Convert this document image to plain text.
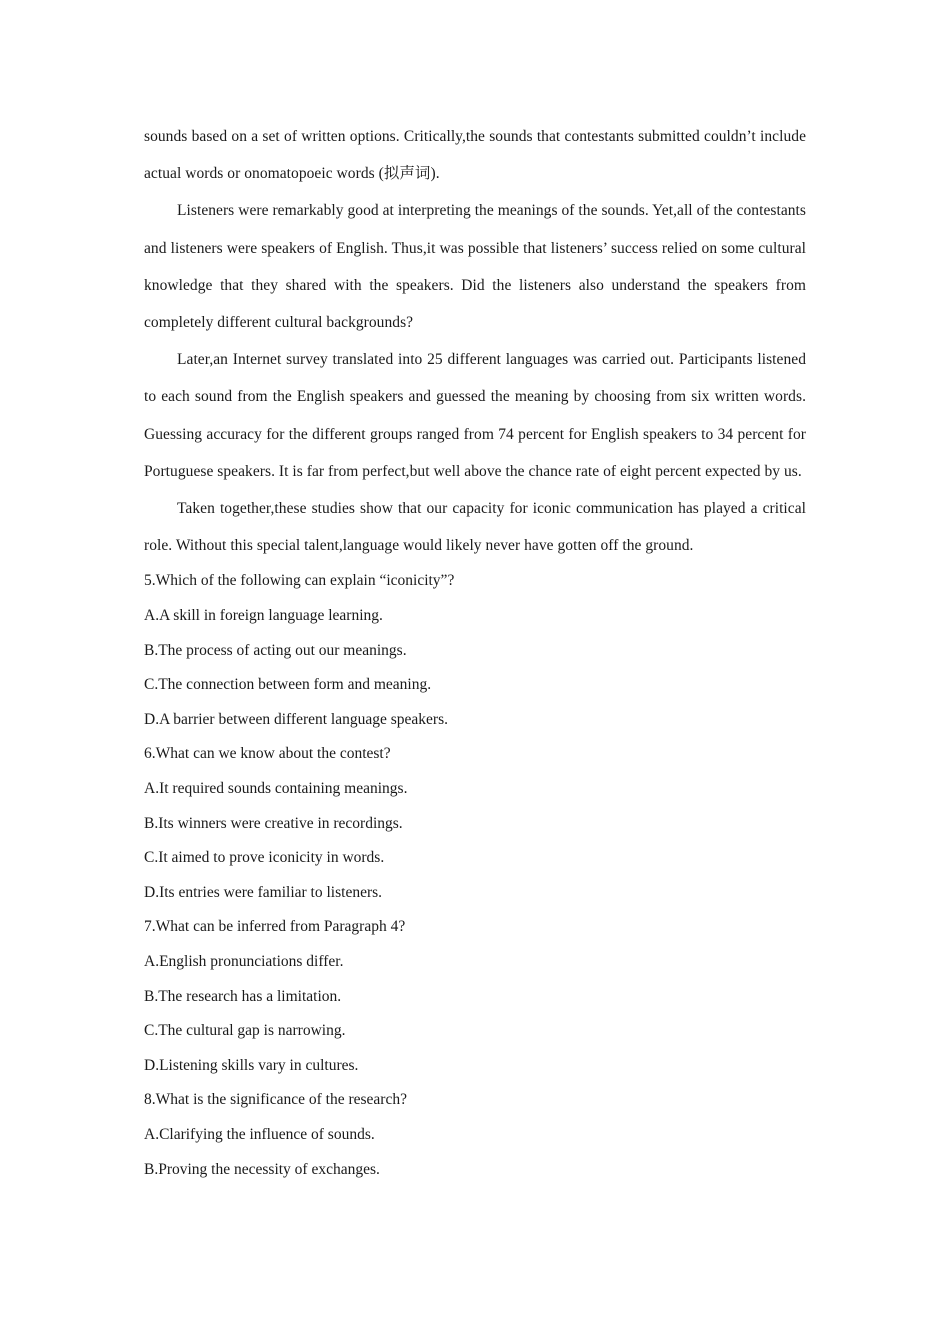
sounds based on a set of written options. Critically,the sounds that contestants submitted couldn’t include actual words or onomatopoeic words (拟声词).

Listeners were remarkably good at interpreting the meanings of the sounds. Yet,all of the contestants and listeners were speakers of English. Thus,it was possible that listeners’ success relied on some cultural knowledge that they shared with the speakers. Did the listeners also understand the speakers from completely different cultural backgrounds?

Later,an Internet survey translated into 25 different languages was carried out. Participants listened to each sound from the English speakers and guessed the meaning by choosing from six written words. Guessing accuracy for the different groups ranged from 74 percent for English speakers to 34 percent for Portuguese speakers. It is far from perfect,but well above the chance rate of eight percent expected by us.

Taken together,these studies show that our capacity for iconic communication has played a critical role. Without this special talent,language would likely never have gotten off the ground.

5.Which of the following can explain “iconicity”?

A.A skill in foreign language learning.

B.The process of acting out our meanings.

C.The connection between form and meaning.

D.A barrier between different language speakers.

6.What can we know about the contest?

A.It required sounds containing meanings.

B.Its winners were creative in recordings.

C.It aimed to prove iconicity in words.

D.Its entries were familiar to listeners.

7.What can be inferred from Paragraph 4?

A.English pronunciations differ.

B.The research has a limitation.

C.The cultural gap is narrowing.

D.Listening skills vary in cultures.

8.What is the significance of the research?

A.Clarifying the influence of sounds.

B.Proving the necessity of exchanges.
